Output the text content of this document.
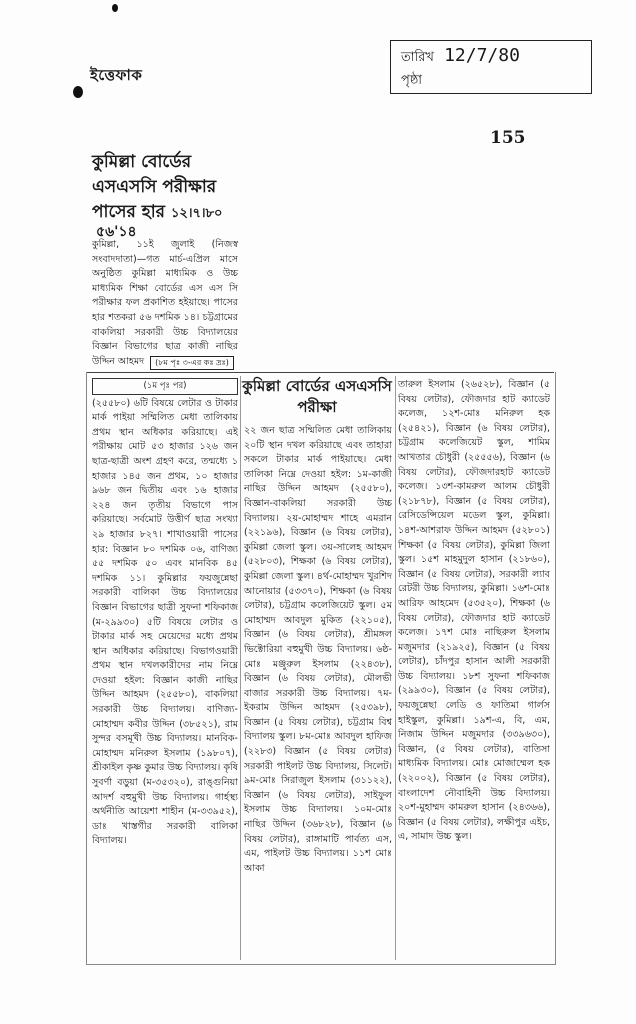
ইত্তেফাক
তারিখ 12/7/80
পৃষ্ঠা
155
কুমিল্লা বোর্ডের এসএসসি পরীক্ষার পাসের হার ১২।৭।৮০
৫৬'১৪

কুমিল্লা, ১১ই জুলাই (নিজস্ব সংবাদদাতা)—গত মার্চ-এপ্রিল মাসে অনুষ্ঠিত কুমিল্লা মাধ্যমিক ও উচ্চ মাধ্যমিক শিক্ষা বোর্ডের এস এস সি পরীক্ষার ফল প্রকাশিত হইয়াছে। পাসের হার শতকরা ৫৬ দশমিক ১৪। চট্টগ্রামের বাকলিয়া সরকারী উচ্চ বিদ্যালয়ের বিজ্ঞান বিভাগের ছাত্র কাজী নাছির উদ্দিন আহমদ	(৮ম পৃঃ ৩-এর কঃ দ্রঃ)
(১ম পৃঃ পর)

(২৫৫৮০) ৬টি বিষয়ে লেটার ও টাকার মার্ক পাইয়া সম্মিলিত মেধা তালিকায় প্রথম স্থান অধিকার করিয়াছে। এই পরীক্ষায় মোট ৫৩ হাজার ১২৬ জন ছাত্র-ছাত্রী অংশ গ্রহণ করে, তন্মধ্যে ১ হাজার ১৪৫ জন প্রথম, ১০ হাজার ৯৬৮ জন দ্বিতীয় এবং ১৬ হাজার ২২৪ জন তৃতীয় বিভাগে পাস করিয়াছে। সর্বমোট উত্তীর্ণ ছাত্র সংখ্যা ২৯ হাজার ৮২৭। শাখাওয়ারী পাসের হার: বিজ্ঞান ৮০ দশমিক ০৬, বাণিজ্য ৫৫ দশমিক ৫০ এবং মানবিক ৪৫ দশমিক ১১। কুমিল্লার ফয়জুন্নেছা সরকারী বালিকা উচ্চ বিদ্যালয়ের বিজ্ঞান বিভাগের ছাত্রী সুফনা শফিকাজ (ম-২৯৯৩০) ৫টি বিষয়ে লেটার ও টাকার মার্ক সহ মেয়েদের মধ্যে প্রথম স্থান অধিকার করিয়াছে। বিভাগওয়ারী প্রথম স্থান দখলকারীদের নাম নিম্নে দেওয়া হইল: বিজ্ঞান কাজী নাছির উদ্দিন আহমদ (২৫৫৮০), বাকলিয়া সরকারী উচ্চ বিদ্যালয়। বাণিজ্য-মোহাম্মদ কবীর উদ্দিন (৩৮৫২১), রাম সুন্দর বসমূখী উচ্চ বিদ্যালয়। মানবিক-মোহাম্মদ মনিরুল ইসলাম (১৯৮০৭), শ্রীকাইল কৃষ্ণ কুমার উচ্চ বিদ্যালয়। কৃষি সুবর্ণা বড়ুয়া (ম-৩৫৩২০), রাঙ্গুনিয়া আদর্শ বহুমুখী উচ্চ বিদ্যালয়। গার্হস্থ্য অর্থনীতি আয়েশা শাহীন (ম-৩৩৯৫২), ডাঃ খাস্তগীর সরকারী বালিকা বিদ্যালয়।

কুমিল্লা বোর্ডের এসএসসি পরীক্ষা

২২ জন ছাত্র সম্মিলিত মেধা তালিকায় ২০টি স্থান দখল করিয়াছে এবং তাহারা সকলে টাকার মার্ক পাইয়াছে। মেধা তালিকা নিম্নে দেওয়া হইল: ১ম-কাজী নাছির উদ্দিন আহমদ (২৫৫৮০), বিজ্ঞান-বাকলিয়া সরকারী উচ্চ বিদ্যালয়। ২য়-মোহাম্মদ শাহে এমরান (২২১৯৬), বিজ্ঞান (৬ বিষয় লেটার), কুমিল্লা জেলা স্কুল। ৩য়-সালেহ আহমদ (৫২৮০৩), শিক্ষকা (৬ বিষয় লেটার), কুমিল্লা জেলা স্কুল। ৪র্থ-মোহাম্মদ খুরশিদ আনোয়ার (৫৩৩৭০), শিক্ষকা (৬ বিষয় লেটার), চট্টগ্রাম কলেজিয়েট স্কুল। ৫ম মোহাম্মদ আবদুল মুকিত (২২১০৫), বিজ্ঞান (৬ বিষয় লেটার), শ্রীমঙ্গল ভিক্টোরিয়া বহুমুখী উচ্চ বিদ্যালয়। ৬ষ্ঠ-মোঃ মঞ্জুরুল ইসলাম (২২৪৩৮), বিজ্ঞান (৬ বিষয় লেটার), মৌলভী বাজার সরকারী উচ্চ বিদ্যালয়। ৭ম-ইকরাম উদ্দিন আহমদ (২৫৩৯৮), বিজ্ঞান (৫ বিষয় লেটার), চট্টগ্রাম বিশ্ব বিদ্যালয় স্কুল। ৮ম-মোঃ আবদুল হাফিজ (২২৮৩) বিজ্ঞান (৫ বিষয় লেটার) সরকারী পাইলট উচ্চ বিদ্যালয়, সিলেট। ৯ম-মোঃ সিরাজুল ইসলাম (৩১১২২), বিজ্ঞান (৬ বিষয় লেটার), সাইফুল ইসলাম উচ্চ বিদ্যালয়। ১০ম-মোঃ নাছির উদ্দিন (৩৬৮২৮), বিজ্ঞান (৬ বিষয় লেটার), রাঙ্গামাটি পার্বত্য এস, এম, পাইলট উচ্চ বিদ্যালয়। ১১শ মোঃ আকা

তারুল ইসলাম (২৬৫২৮), বিজ্ঞান (৫ বিষয় লেটার), ফৌজদার হাট ক্যাডেট কলেজ, ১২শ-মোঃ মনিরুল হক (২৫৪২১), বিজ্ঞান (৬ বিষয় লেটার), চট্টগ্রাম কলেজিয়েট স্কুল, শামিম আখতার চৌধুরী (২৫৫৫৬), বিজ্ঞান (৬ বিষয় লেটার), ফৌজদারহাট ক্যাডেট কলেজ। ১৩শ-কামরুল আলম চৌধুরী (২১৮৭৮), বিজ্ঞান (৫ বিষয় লেটার), রেসিডেন্সিয়েল মডেল স্কুল, কুমিল্লা। ১৪শ-আশরাফ উদ্দিন আহমদ (৫২৮০১) শিক্ষকা (৫ বিষয় লেটার), কুমিল্লা জিলা স্কুল। ১৫শ মাহমুদুল হাসান (২১৮৬০), বিজ্ঞান (৫ বিষয় লেটার), সরকারী ল্যাব রেটরী উচ্চ বিদ্যালয়, কুমিল্লা। ১৬শ-মোঃ আরিফ আহমেদ (৫৩৫২০), শিক্ষকা (৬ বিষয় লেটার), ফৌজদার হাট ক্যাডেট কলেজ। ১৭শ মোঃ নাছিরুল ইসলাম মজুমদার (২১৯২৫), বিজ্ঞান (৫ বিষয় লেটার), চাঁদপুর হাসান আলী সরকারী উচ্চ বিদ্যালয়। ১৮শ সুফনা শফিকাজ (২৯৯৩০), বিজ্ঞান (৫ বিষয় লেটার), ফয়জুন্নেছা লেডি ও ফাতিমা গার্লস হাইস্কুল, কুমিল্লা। ১৯শ-এ, বি, এম, নিজাম উদ্দিন মজুমদার (৩৩৯৬৩০), বিজ্ঞান, (৫ বিষয় লেটার), বাতিসা মাধ্যমিক বিদ্যালয়। মোঃ মোজাম্মেল হক (২২০০২), বিজ্ঞান (৫ বিষয় লেটার), বাংলাদেশ নৌবাহিনী উচ্চ বিদ্যালয়। ২০শ-মুহাম্মদ কামরুল হাসান (২৪৩৬৬), বিজ্ঞান (৫ বিষয় লেটার), লক্ষীপুর এইচ, এ, সামাদ উচ্চ স্কুল।
